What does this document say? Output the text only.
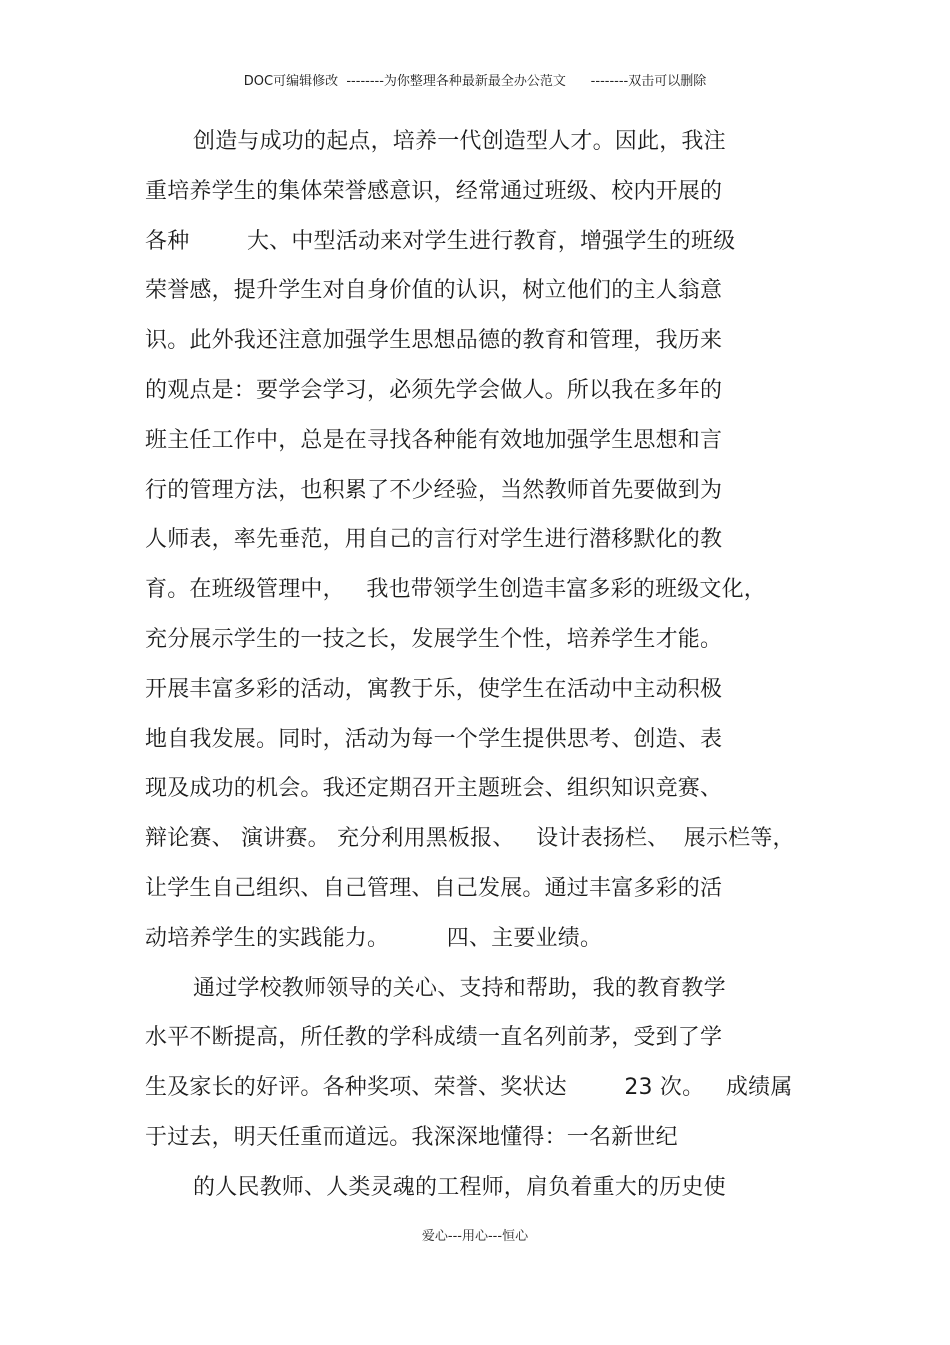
DOC可编辑修改  --------为你整理各种最新最全办公范文      --------双击可以删除
创造与成功的起点，培养一代创造型人才。因此，我注
重培养学生的集体荣誉感意识，经常通过班级、校内开展的
各种        大、中型活动来对学生进行教育，增强学生的班级
荣誉感，提升学生对自身价值的认识，树立他们的主人翁意
识。此外我还注意加强学生思想品德的教育和管理，我历来
的观点是：要学会学习，必须先学会做人。所以我在多年的
班主任工作中，总是在寻找各种能有效地加强学生思想和言
行的管理方法，也积累了不少经验，当然教师首先要做到为
人师表，率先垂范，用自己的言行对学生进行潜移默化的教
育。在班级管理中，   我也带领学生创造丰富多彩的班级文化，
充分展示学生的一技之长，发展学生个性，培养学生才能。
开展丰富多彩的活动，寓教于乐，使学生在活动中主动积极
地自我发展。同时，活动为每一个学生提供思考、创造、表
现及成功的机会。我还定期召开主题班会、组织知识竞赛、
辩论赛、 演讲赛。 充分利用黑板报、   设计表扬栏、  展示栏等，
让学生自己组织、自己管理、自己发展。通过丰富多彩的活
动培养学生的实践能力。        四、主要业绩。
通过学校教师领导的关心、支持和帮助，我的教育教学
水平不断提高，所任教的学科成绩一直名列前茅，受到了学
生及家长的好评。各种奖项、荣誉、奖状达        23 次。   成绩属
于过去，明天任重而道远。我深深地懂得：一名新世纪
的人民教师、人类灵魂的工程师，肩负着重大的历史使
爱心---用心---恒心
